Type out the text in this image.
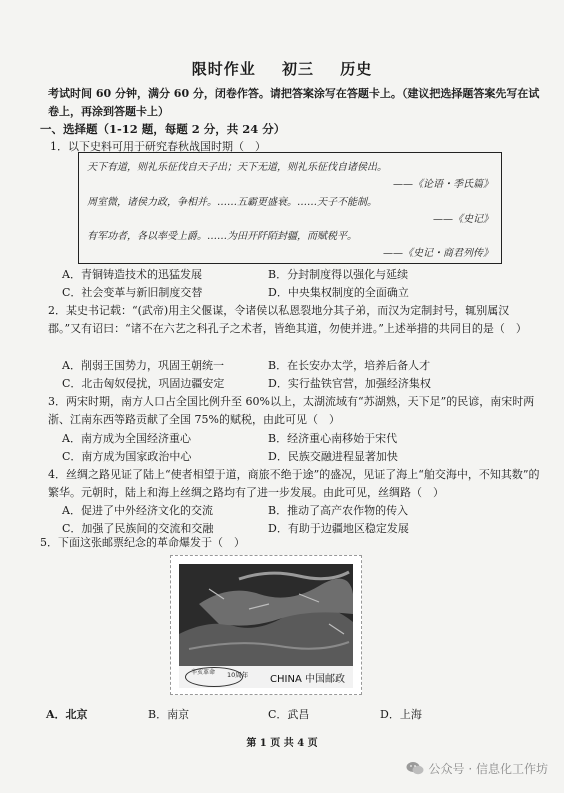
限时作业 初三 历史
考试时间 60 分钟，满分 60 分，闭卷作答。请把答案涂写在答题卡上。（建议把选择题答案先写在试卷上，再涂到答题卡上）
一、选择题（1-12 题，每题 2 分，共 24 分）
1．以下史料可用于研究春秋战国时期（　）
天下有道，则礼乐征伐自天子出；天下无道，则礼乐征伐自诸侯出。
——《论语・季氏篇》
周室微，诸侯力政，争相并。……五霸更盛衰。……天子不能制。
——《史记》
有军功者，各以率受上爵。……为田开阡陌封疆，而赋税平。
——《史记・商君列传》
A．青铜铸造技术的迅猛发展	B．分封制度得以强化与延续
C．社会变革与新旧制度交替	D．中央集权制度的全面确立
2．某史书记载：“(武帝)用主父偃谋，令诸侯以私恩裂地分其子弟，而汉为定制封号，辄别属汉郡。”又有诏曰：“诸不在六艺之科孔子之术者，皆绝其道，勿使并进。”上述举措的共同目的是（　）
A．削弱王国势力，巩固王朝统一	B．在长安办太学，培养后备人才
C．北击匈奴侵扰，巩固边疆安定	D．实行盐铁官营，加强经济集权
3．两宋时期，南方人口占全国比例升至 60%以上，太湖流域有“苏湖熟，天下足”的民谚，南宋时两浙、江南东西等路贡献了全国 75%的赋税，由此可见（　）
A．南方成为全国经济重心	B．经济重心南移始于宋代
C．南方成为国家政治中心	D．民族交融进程显著加快
4．丝绸之路见证了陆上“使者相望于道，商旅不绝于途”的盛况，见证了海上“舶交海中，不知其数”的繁华。元朝时，陆上和海上丝绸之路均有了进一步发展。由此可见，丝绸路（　）
A．促进了中外经济文化的交流	B．推动了高产农作物的传入
C．加强了民族间的交流和交融	D．有助于边疆地区稳定发展
5．下面这张邮票纪念的革命爆发于（　）
辛亥革命 10周年 CHINA 中国邮政
A．北京	B．南京	C．武昌	D．上海
第 1 页 共 4 页
公众号 · 信息化工作坊
